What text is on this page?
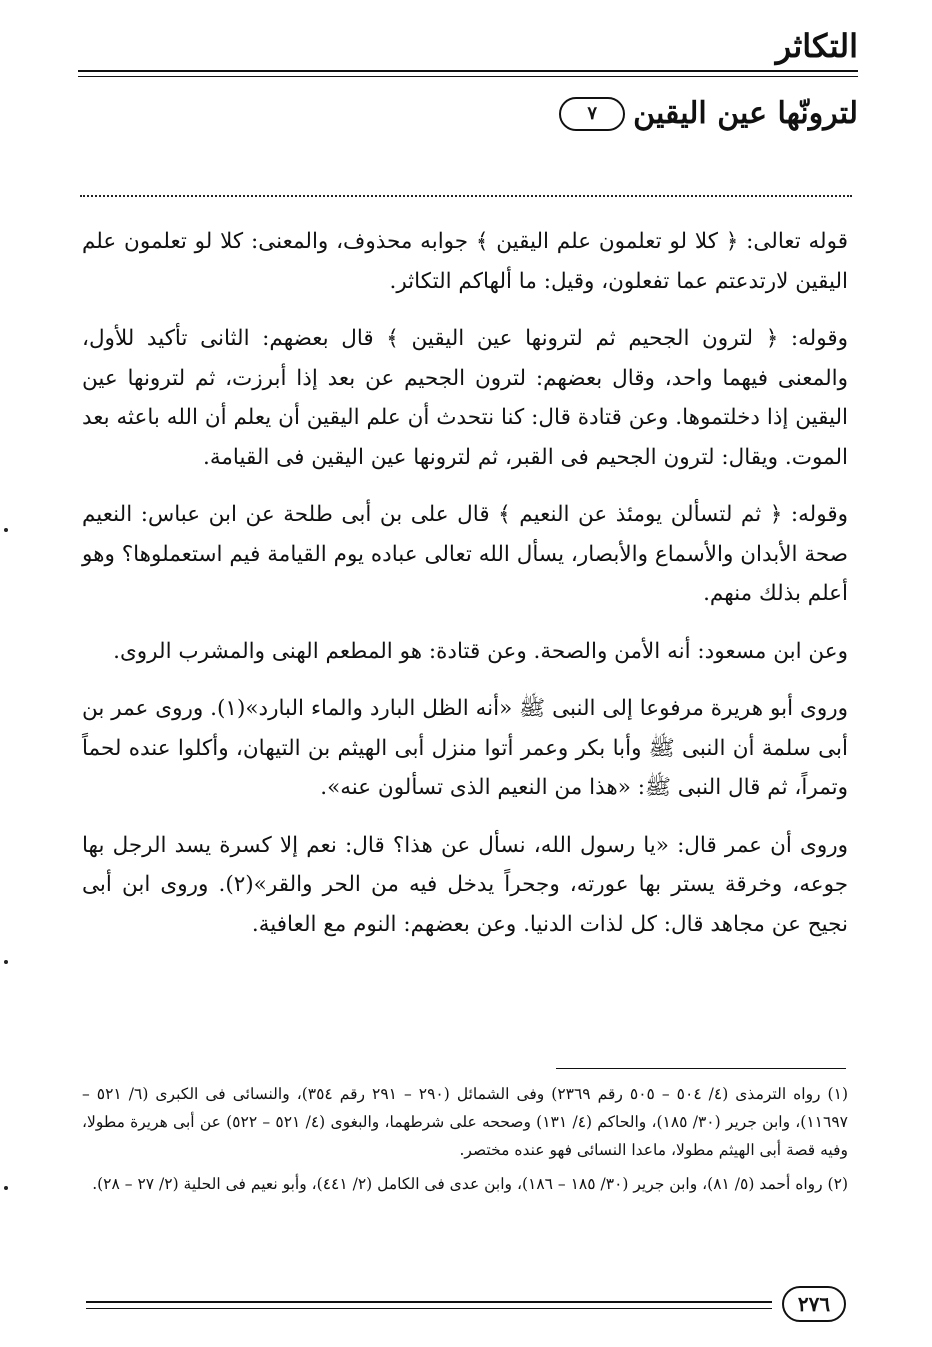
التكاثر
لترونّها عين اليقين
٧

قوله تعالى: ﴿ كلا لو تعلمون علم اليقين ﴾ جوابه محذوف، والمعنى: كلا لو تعلمون علم اليقين لارتدعتم عما تفعلون، وقيل: ما ألهاكم التكاثر.

وقوله: ﴿ لترون الجحيم ثم لترونها عين اليقين ﴾ قال بعضهم: الثانى تأكيد للأول، والمعنى فيهما واحد، وقال بعضهم: لترون الجحيم عن بعد إذا أبرزت، ثم لترونها عين اليقين إذا دخلتموها. وعن قتادة قال: كنا نتحدث أن علم اليقين أن يعلم أن الله باعثه بعد الموت. ويقال: لترون الجحيم فى القبر، ثم لترونها عين اليقين فى القيامة.

وقوله: ﴿ ثم لتسألن يومئذ عن النعيم ﴾ قال على بن أبى طلحة عن ابن عباس: النعيم صحة الأبدان والأسماع والأبصار، يسأل الله تعالى عباده يوم القيامة فيم استعملوها؟ وهو أعلم بذلك منهم.

وعن ابن مسعود: أنه الأمن والصحة. وعن قتادة: هو المطعم الهنى والمشرب الروى.

وروى أبو هريرة مرفوعا إلى النبى ﷺ «أنه الظل البارد والماء البارد»(١). وروى عمر بن أبى سلمة أن النبى ﷺ وأبا بكر وعمر أتوا منزل أبى الهيثم بن التيهان، وأكلوا عنده لحماً وتمراً، ثم قال النبى ﷺ: «هذا من النعيم الذى تسألون عنه».

وروى أن عمر قال: «يا رسول الله، نسأل عن هذا؟ قال: نعم إلا كسرة يسد الرجل بها جوعه، وخرقة يستر بها عورته، وجحراً يدخل فيه من الحر والقر»(٢). وروى ابن أبى نجيح عن مجاهد قال: كل لذات الدنيا. وعن بعضهم: النوم مع العافية.

(١) رواه الترمذى (٤/ ٥٠٤ – ٥٠٥ رقم ٢٣٦٩) وفى الشمائل (٢٩٠ – ٢٩١ رقم ٣٥٤)، والنسائى فى الكبرى (٦/ ٥٢١ – ١١٦٩٧)، وابن جرير (٣٠/ ١٨٥)، والحاكم (٤/ ١٣١) وصححه على شرطهما، والبغوى (٤/ ٥٢١ – ٥٢٢) عن أبى هريرة مطولا، وفيه قصة أبى الهيثم مطولا، ماعدا النسائى فهو عنده مختصر.

(٢) رواه أحمد (٥/ ٨١)، وابن جرير (٣٠/ ١٨٥ – ١٨٦)، وابن عدى فى الكامل (٢/ ٤٤١)، وأبو نعيم فى الحلية (٢/ ٢٧ – ٢٨).

٢٧٦
